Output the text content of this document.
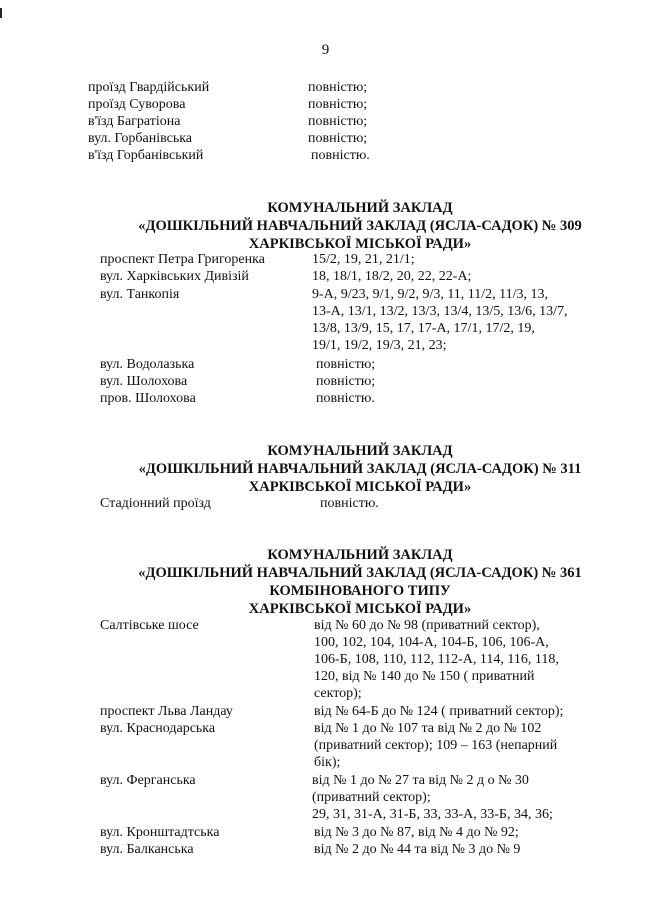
9
проїзд Гвардійський	повністю;
проїзд Суворова	повністю;
в'їзд Багратіона	повністю;
вул. Горбанівська	повністю;
в'їзд Горбанівський	повністю.
КОМУНАЛЬНИЙ ЗАКЛАД
«ДОШКІЛЬНИЙ НАВЧАЛЬНИЙ ЗАКЛАД (ЯСЛА-САДОК) № 309
ХАРКІВСЬКОЇ МІСЬКОЇ РАДИ»
проспект Петра Григоренка	15/2, 19, 21, 21/1;
вул. Харківських Дивізій	18, 18/1, 18/2, 20, 22, 22-А;
вул. Танкопія	9-А, 9/23, 9/1, 9/2, 9/3, 11, 11/2, 11/3, 13,
13-А, 13/1, 13/2, 13/3, 13/4, 13/5, 13/6, 13/7,
13/8, 13/9, 15, 17, 17-А, 17/1, 17/2, 19,
19/1, 19/2, 19/3, 21, 23;
вул. Водолазька	повністю;
вул. Шолохова	повністю;
пров. Шолохова	повністю.
КОМУНАЛЬНИЙ ЗАКЛАД
«ДОШКІЛЬНИЙ НАВЧАЛЬНИЙ ЗАКЛАД (ЯСЛА-САДОК) № 311
ХАРКІВСЬКОЇ МІСЬКОЇ РАДИ»
Стадіонний проїзд	повністю.
КОМУНАЛЬНИЙ ЗАКЛАД
«ДОШКІЛЬНИЙ НАВЧАЛЬНИЙ ЗАКЛАД (ЯСЛА-САДОК) № 361
КОМБІНОВАНОГО ТИПУ
ХАРКІВСЬКОЇ МІСЬКОЇ РАДИ»
Салтівське шосе	від № 60 до № 98 (приватний сектор),
100, 102, 104, 104-А, 104-Б, 106, 106-А,
106-Б, 108, 110, 112, 112-А, 114, 116, 118,
120, від № 140 до № 150 ( приватний
сектор);
проспект Льва Ландау	від № 64-Б до № 124 ( приватний сектор);
вул. Краснодарська	від № 1 до № 107 та від № 2 до № 102
(приватний сектор); 109 – 163 (непарний
бік);
вул. Ферганська	від № 1 до № 27 та від № 2 д о № 30
(приватний сектор);
29, 31, 31-А, 31-Б, 33, 33-А, 33-Б, 34, 36;
вул. Кронштадтська	від № 3 до № 87, від № 4 до № 92;
вул. Балканська	від № 2 до № 44 та від № 3 до № 9
